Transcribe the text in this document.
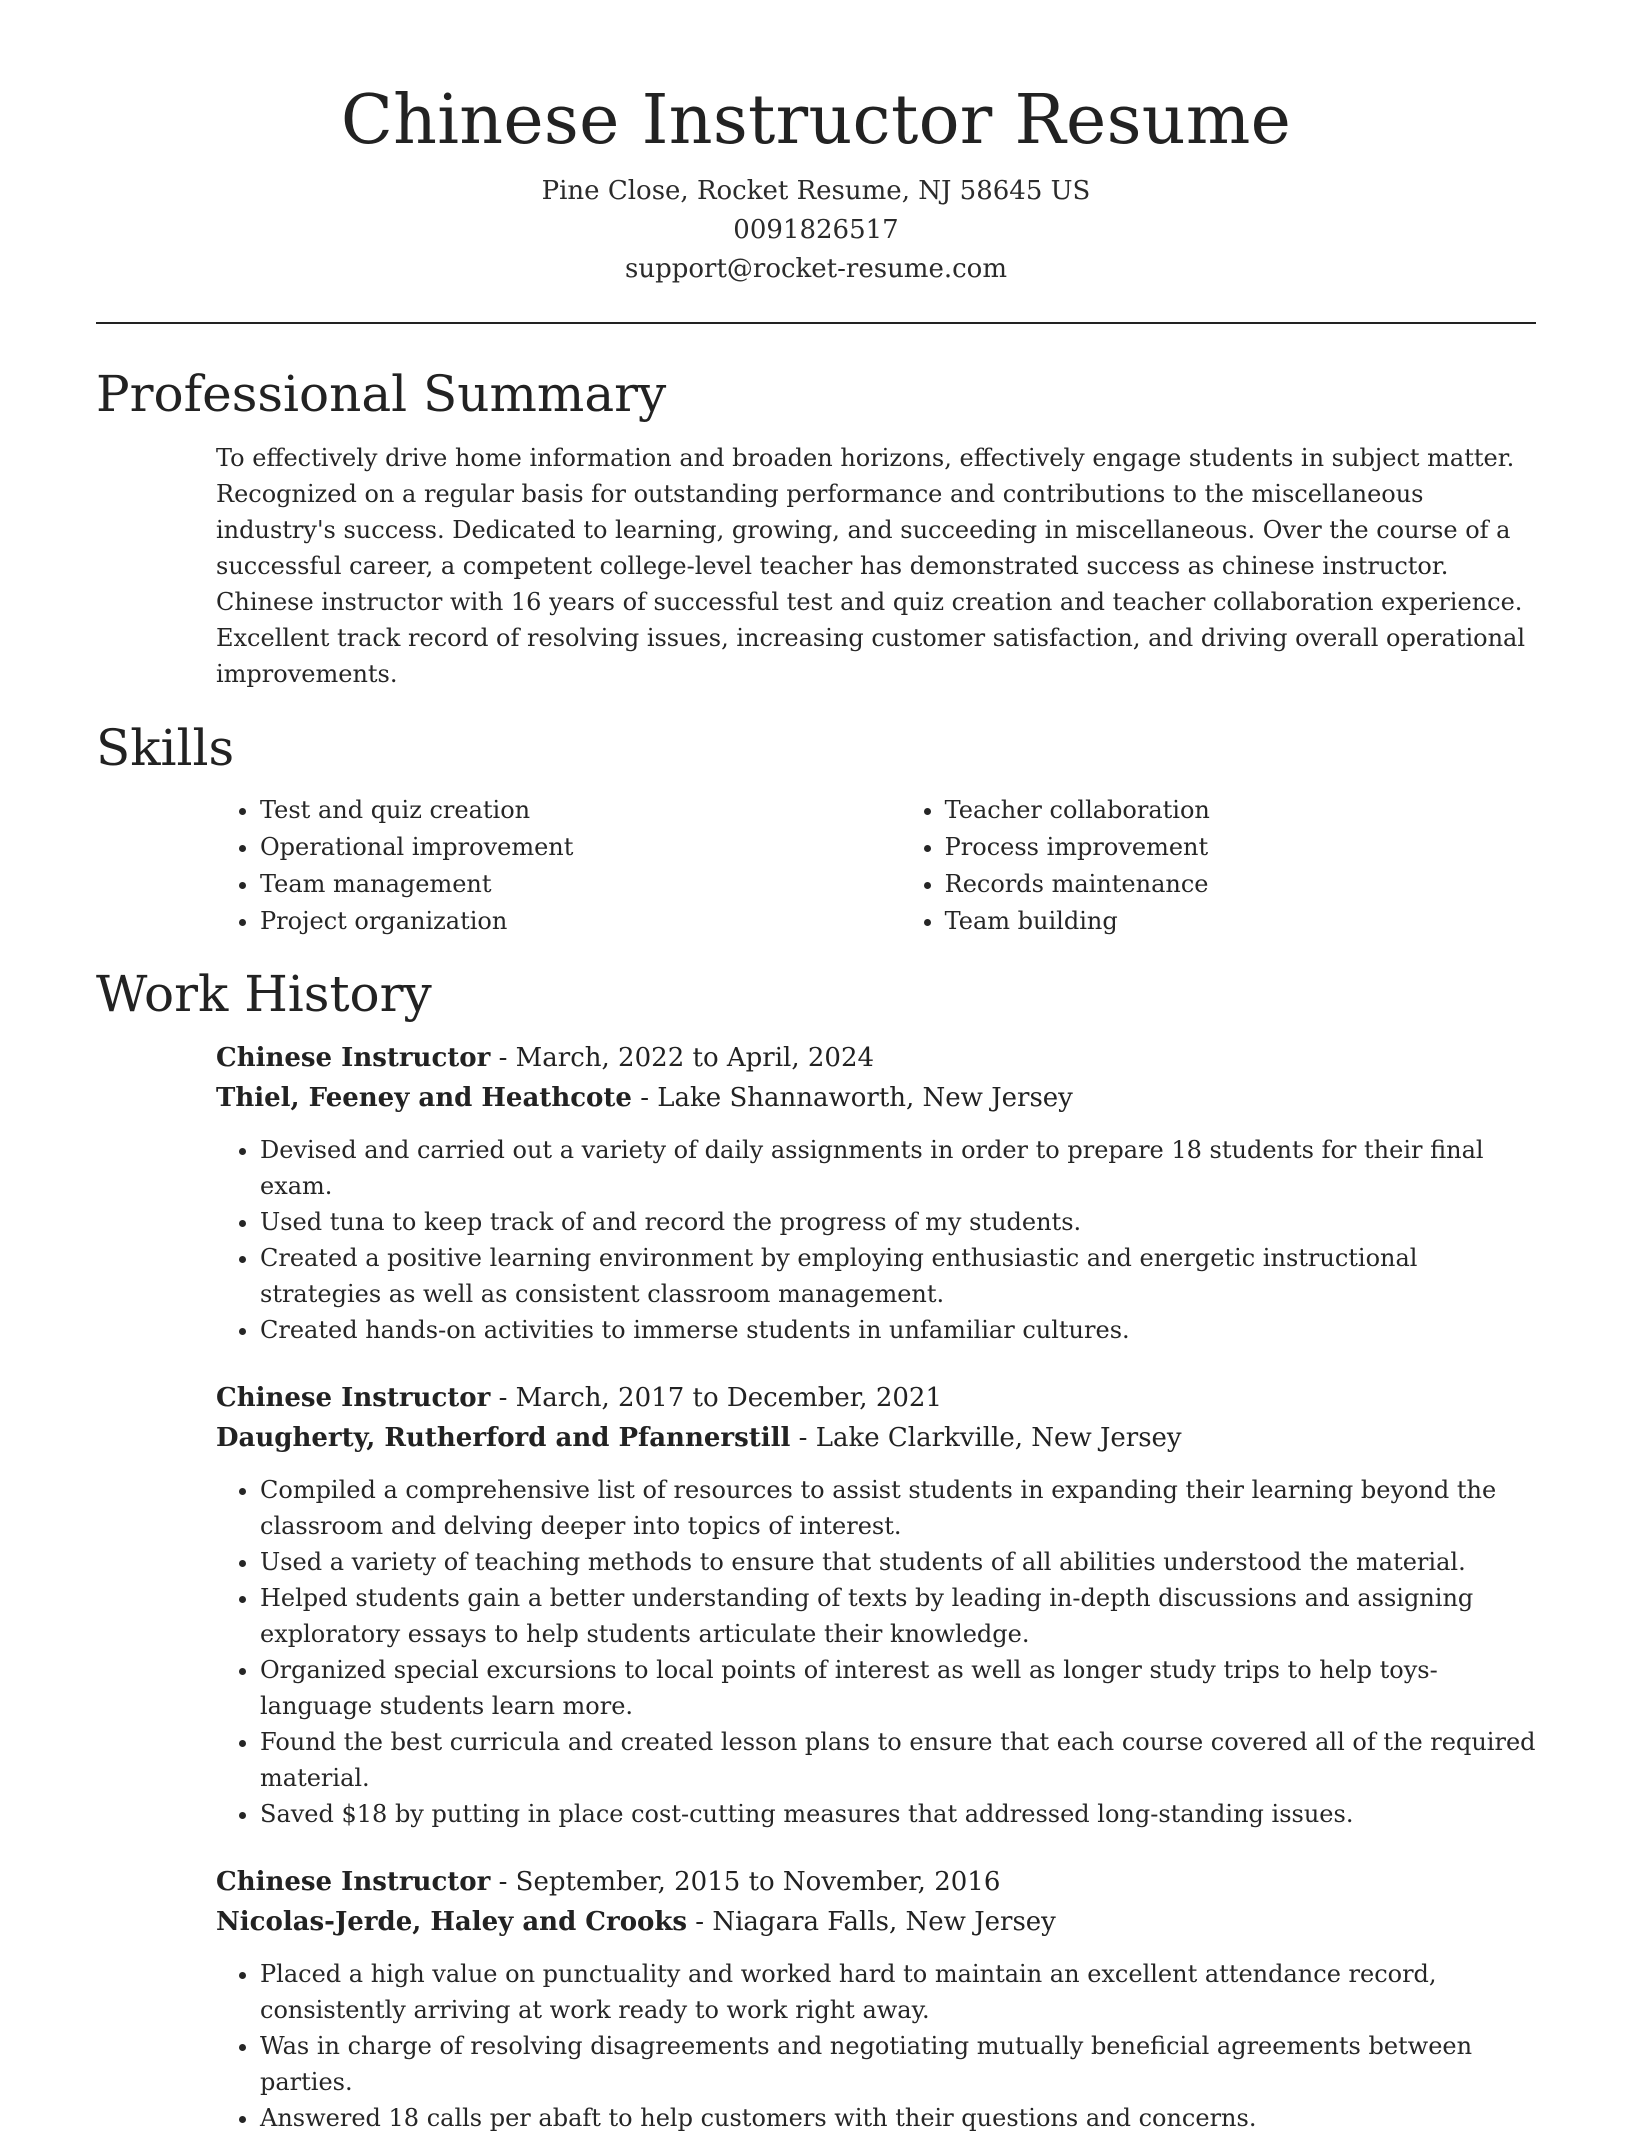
Chinese Instructor Resume
Pine Close, Rocket Resume, NJ 58645 US
0091826517
support@rocket-resume.com
Professional Summary

To effectively drive home information and broaden horizons, effectively engage students in subject matter. Recognized on a regular basis for outstanding performance and contributions to the miscellaneous industry's success. Dedicated to learning, growing, and succeeding in miscellaneous. Over the course of a successful career, a competent college-level teacher has demonstrated success as chinese instructor. Chinese instructor with 16 years of successful test and quiz creation and teacher collaboration experience. Excellent track record of resolving issues, increasing customer satisfaction, and driving overall operational improvements.

Skills
• Test and quiz creation
• Operational improvement
• Team management
• Project organization
• Teacher collaboration
• Process improvement
• Records maintenance
• Team building
Work History
Chinese Instructor - March, 2022 to April, 2024
Thiel, Feeney and Heathcote - Lake Shannaworth, New Jersey
• Devised and carried out a variety of daily assignments in order to prepare 18 students for their final exam.
• Used tuna to keep track of and record the progress of my students.
• Created a positive learning environment by employing enthusiastic and energetic instructional strategies as well as consistent classroom management.
• Created hands-on activities to immerse students in unfamiliar cultures.
Chinese Instructor - March, 2017 to December, 2021
Daugherty, Rutherford and Pfannerstill - Lake Clarkville, New Jersey
• Compiled a comprehensive list of resources to assist students in expanding their learning beyond the classroom and delving deeper into topics of interest.
• Used a variety of teaching methods to ensure that students of all abilities understood the material.
• Helped students gain a better understanding of texts by leading in-depth discussions and assigning exploratory essays to help students articulate their knowledge.
• Organized special excursions to local points of interest as well as longer study trips to help toys-language students learn more.
• Found the best curricula and created lesson plans to ensure that each course covered all of the required material.
• Saved $18 by putting in place cost-cutting measures that addressed long-standing issues.
Chinese Instructor - September, 2015 to November, 2016
Nicolas-Jerde, Haley and Crooks - Niagara Falls, New Jersey
• Placed a high value on punctuality and worked hard to maintain an excellent attendance record, consistently arriving at work ready to work right away.
• Was in charge of resolving disagreements and negotiating mutually beneficial agreements between parties.
• Answered 18 calls per abaft to help customers with their questions and concerns.
